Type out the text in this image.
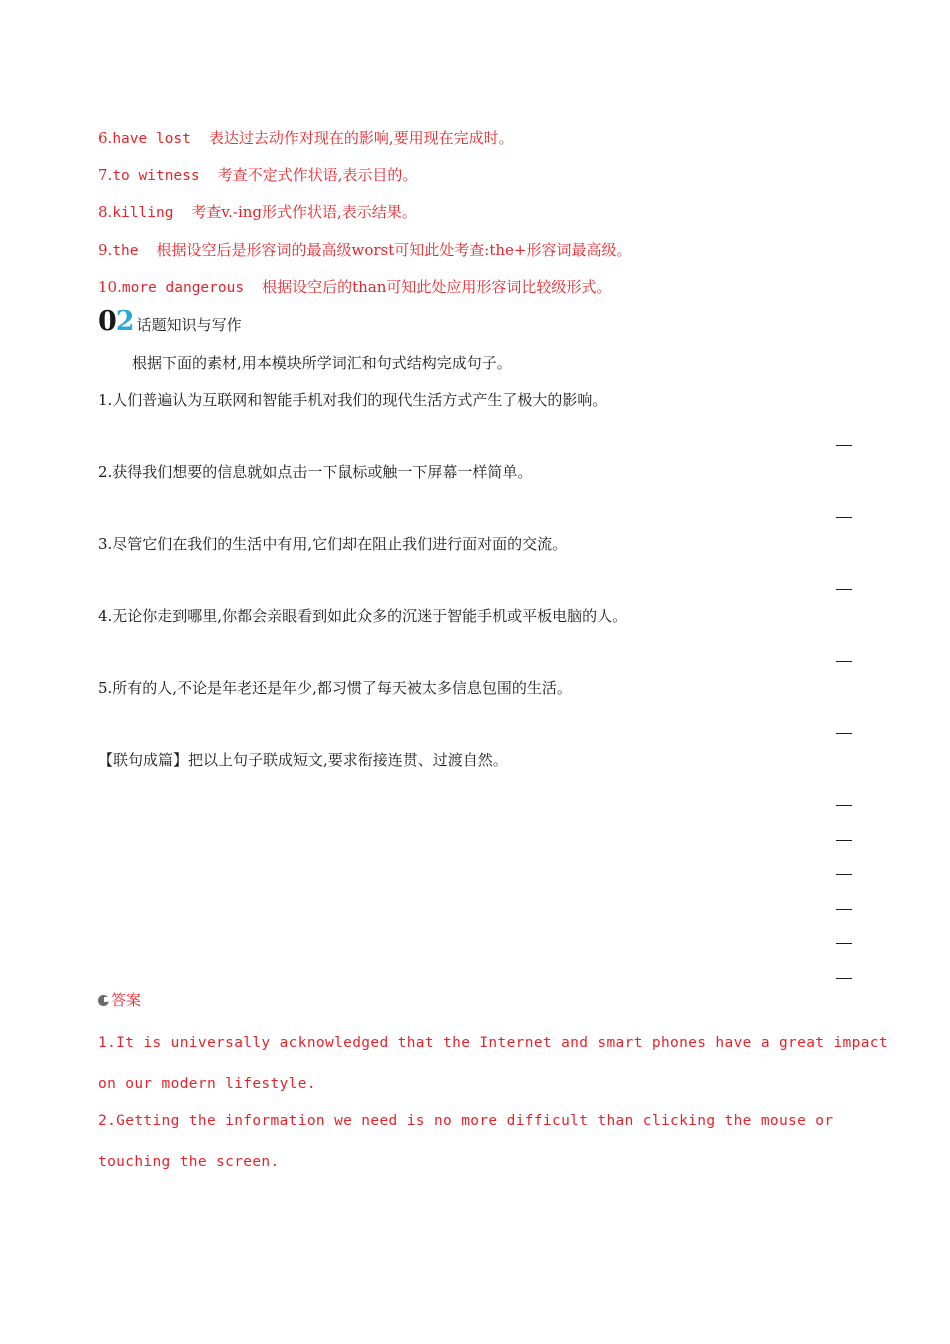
6.have lost 表达过去动作对现在的影响,要用现在完成时。
7.to witness 考查不定式作状语,表示目的。
8.killing 考查v.-ing形式作状语,表示结果。
9.the 根据设空后是形容词的最高级worst可知此处考查:the+形容词最高级。
10.more dangerous 根据设空后的than可知此处应用形容词比较级形式。
02 话题知识与写作
根据下面的素材,用本模块所学词汇和句式结构完成句子。
1.人们普遍认为互联网和智能手机对我们的现代生活方式产生了极大的影响。
2.获得我们想要的信息就如点击一下鼠标或触一下屏幕一样简单。
3.尽管它们在我们的生活中有用,它们却在阻止我们进行面对面的交流。
4.无论你走到哪里,你都会亲眼看到如此众多的沉迷于智能手机或平板电脑的人。
5.所有的人,不论是年老还是年少,都习惯了每天被太多信息包围的生活。
【联句成篇】把以上句子联成短文,要求衔接连贯、过渡自然。
答案
1.It is universally acknowledged that the Internet and smart phones have a great impact
on our modern lifestyle.
2.Getting the information we need is no more difficult than clicking the mouse or
touching the screen.
